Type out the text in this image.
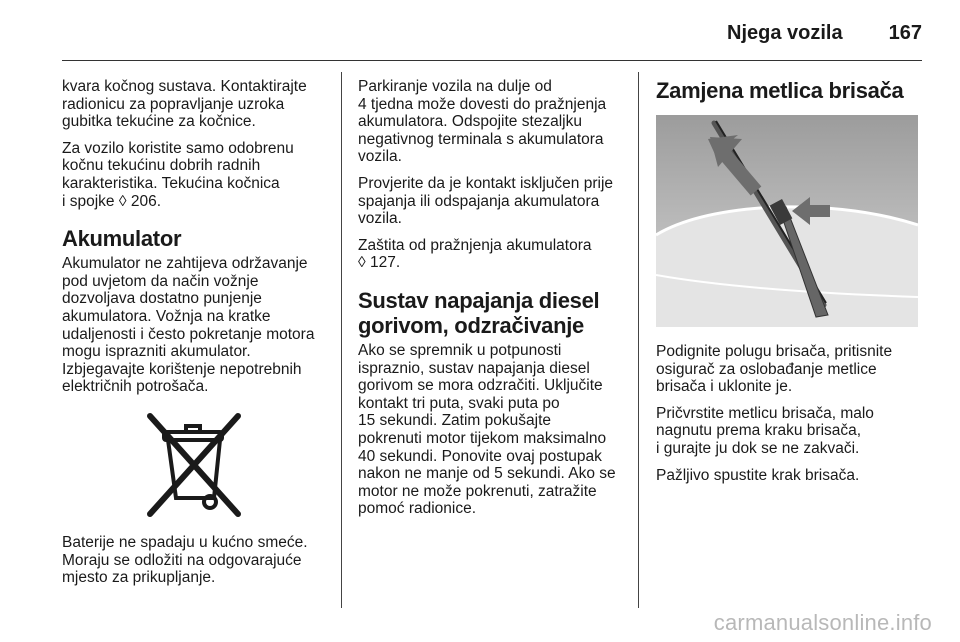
Njega vozila 167

kvara kočnog sustava. Kontaktirajte
radionicu za popravljanje uzroka
gubitka tekućine za kočnice.

Za vozilo koristite samo odobrenu
kočnu tekućinu dobrih radnih
karakteristika. Tekućina kočnica
i spojke ◊ 206.

Akumulator

Akumulator ne zahtijeva održavanje
pod uvjetom da način vožnje
dozvoljava dostatno punjenje
akumulatora. Vožnja na kratke
udaljenosti i često pokretanje motora
mogu isprazniti akumulator.
Izbjegavajte korištenje nepotrebnih
električnih potrošača.

Baterije ne spadaju u kućno smeće.
Moraju se odložiti na odgovarajuće
mjesto za prikupljanje.

Parkiranje vozila na dulje od
4 tjedna može dovesti do pražnjenja
akumulatora. Odspojite stezaljku
negativnog terminala s akumulatora
vozila.

Provjerite da je kontakt isključen prije
spajanja ili odspajanja akumulatora
vozila.

Zaštita od pražnjenja akumulatora
◊ 127.

Sustav napajanja diesel
gorivom, odzračivanje

Ako se spremnik u potpunosti
ispraznio, sustav napajanja diesel
gorivom se mora odzračiti. Uključite
kontakt tri puta, svaki puta po
15 sekundi. Zatim pokušajte
pokrenuti motor tijekom maksimalno
40 sekundi. Ponovite ovaj postupak
nakon ne manje od 5 sekundi. Ako se
motor ne može pokrenuti, zatražite
pomoć radionice.

Zamjena metlica brisača

Podignite polugu brisača, pritisnite
osigurač za oslobađanje metlice
brisača i uklonite je.

Pričvrstite metlicu brisača, malo
nagnutu prema kraku brisača,
i gurajte ju dok se ne zakvači.

Pažljivo spustite krak brisača.

carmanualsonline.info
